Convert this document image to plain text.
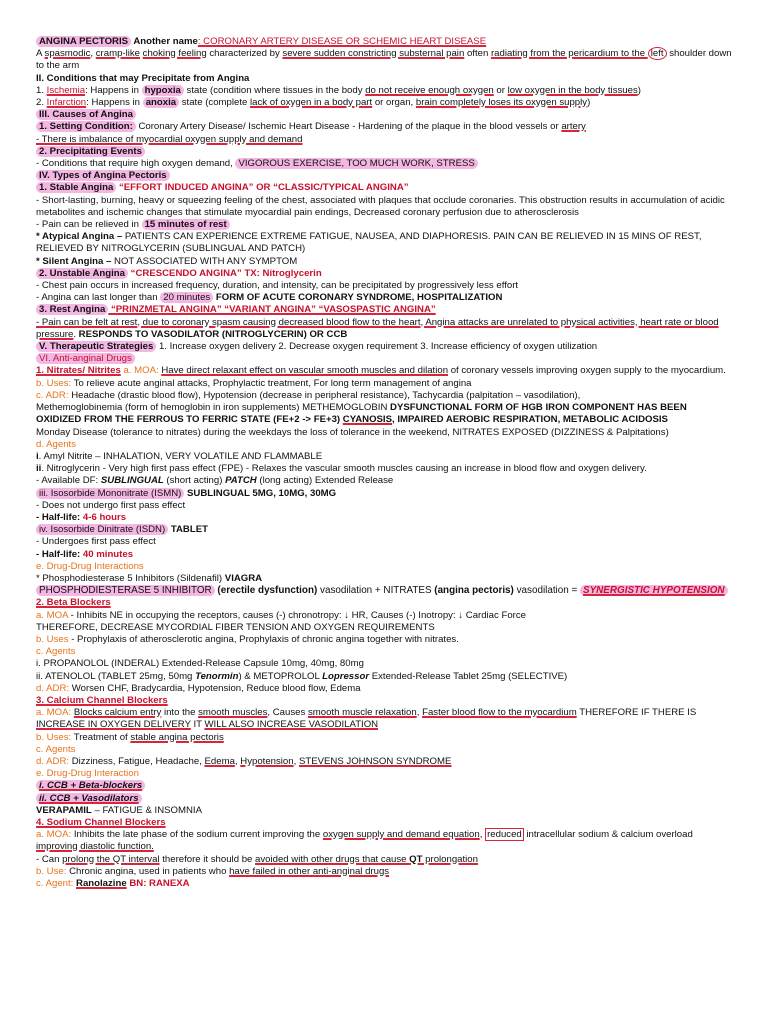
ANGINA PECTORIS Another name: CORONARY ARTERY DISEASE OR SCHEMIC HEART DISEASE
A spasmodic, cramp-like choking feeling characterized by severe sudden constricting substernal pain often radiating from the pericardium to the left shoulder down to the arm
II. Conditions that may Precipitate from Angina
1. Ischemia: Happens in hypoxia state (condition where tissues in the body do not receive enough oxygen or low oxygen in the body tissues)
2. Infarction: Happens in anoxia state (complete lack of oxygen in a body part or organ, brain completely loses its oxygen supply)
III. Causes of Angina
1. Setting Condition: Coronary Artery Disease/ Ischemic Heart Disease - Hardening of the plaque in the blood vessels or artery
- There is imbalance of myocardial oxygen supply and demand
2. Precipitating Events
- Conditions that require high oxygen demand, VIGOROUS EXERCISE, TOO MUCH WORK, STRESS
IV. Types of Angina Pectoris
1. Stable Angina “EFFORT INDUCED ANGINA” OR “CLASSIC/TYPICAL ANGINA”
- Short-lasting, burning, heavy or squeezing feeling of the chest, associated with plaques that occlude coronaries. This obstruction results in accumulation of acidic metabolites and ischemic changes that stimulate myocardial pain endings, Decreased coronary perfusion due to atherosclerosis
- Pain can be relieved in 15 minutes of rest
* Atypical Angina – PATIENTS CAN EXPERIENCE EXTREME FATIGUE, NAUSEA, AND DIAPHORESIS. PAIN CAN BE RELIEVED IN 15 MINS OF REST, RELIEVED BY NITROGLYCERIN (SUBLINGUAL AND PATCH)
* Silent Angina – NOT ASSOCIATED WITH ANY SYMPTOM
2. Unstable Angina “CRESCENDO ANGINA” TX: Nitroglycerin
- Chest pain occurs in increased frequency, duration, and intensity, can be precipitated by progressively less effort
- Angina can last longer than 20 minutes FORM OF ACUTE CORONARY SYNDROME, HOSPITALIZATION
3. Rest Angina “PRINZMETAL ANGINA” “VARIANT ANGINA” “VASOSPASTIC ANGINA”
- Pain can be felt at rest, due to coronary spasm causing decreased blood flow to the heart, Angina attacks are unrelated to physical activities, heart rate or blood pressure. RESPONDS TO VASODILATOR (NITROGLYCERIN) OR CCB
V. Therapeutic Strategies 1. Increase oxygen delivery 2. Decrease oxygen requirement 3. Increase efficiency of oxygen utilization
VI. Anti-anginal Drugs
1. Nitrates/ Nitrites a. MOA: Have direct relaxant effect on vascular smooth muscles and dilation of coronary vessels improving oxygen supply to the myocardium.
b. Uses: To relieve acute anginal attacks, Prophylactic treatment, For long term management of angina
c. ADR: Headache (drastic blood flow), Hypotension (decrease in peripheral resistance), Tachycardia (palpitation – vasodilation),
Methemoglobinemia (form of hemoglobin in iron supplements) METHEMOGLOBIN DYSFUNCTIONAL FORM OF HGB IRON COMPONENT HAS BEEN OXIDIZED FROM THE FERROUS TO FERRIC STATE (FE+2 -> FE+3) CYANOSIS, IMPAIRED AEROBIC RESPIRATION, METABOLIC ACIDOSIS
Monday Disease (tolerance to nitrates) during the weekdays the loss of tolerance in the weekend, NITRATES EXPOSED (DIZZINESS & Palpitations)
d. Agents
i. Amyl Nitrite – INHALATION, VERY VOLATILE AND FLAMMABLE
ii. Nitroglycerin - Very high first pass effect (FPE) - Relaxes the vascular smooth muscles causing an increase in blood flow and oxygen delivery.
- Available DF: SUBLINGUAL (short acting) PATCH (long acting) Extended Release
iii. Isosorbide Mononitrate (ISMN) SUBLINGUAL 5MG, 10MG, 30MG
- Does not undergo first pass effect
- Half-life: 4-6 hours
iv. Isosorbide Dinitrate (ISDN) TABLET
- Undergoes first pass effect
- Half-life: 40 minutes
e. Drug-Drug Interactions
* Phosphodiesterase 5 Inhibitors (Sildenafil) VIAGRA
PHOSPHODIESTERASE 5 INHIBITOR (erectile dysfunction) vasodilation + NITRATES (angina pectoris) vasodilation = SYNERGISTIC HYPOTENSION
2. Beta Blockers
a. MOA - Inhibits NE in occupying the receptors, causes (-) chronotropy: ↓ HR, Causes (-) Inotropy: ↓ Cardiac Force
THEREFORE, DECREASE MYCORDIAL FIBER TENSION AND OXYGEN REQUIREMENTS
b. Uses - Prophylaxis of atherosclerotic angina, Prophylaxis of chronic angina together with nitrates.
c. Agents
i. PROPANOLOL (INDERAL) Extended-Release Capsule 10mg, 40mg, 80mg
ii. ATENOLOL (TABLET 25mg, 50mg Tenormin) & METOPROLOL Lopressor Extended-Release Tablet 25mg (SELECTIVE)
d. ADR: Worsen CHF, Bradycardia, Hypotension, Reduce blood flow, Edema
3. Calcium Channel Blockers
a. MOA: Blocks calcium entry into the smooth muscles, Causes smooth muscle relaxation, Faster blood flow to the myocardium THEREFORE IF THERE IS INCREASE IN OXYGEN DELIVERY IT WILL ALSO INCREASE VASODILATION
b. Uses: Treatment of stable angina pectoris
c. Agents
d. ADR: Dizziness, Fatigue, Headache, Edema, Hypotension, STEVENS JOHNSON SYNDROME
e. Drug-Drug Interaction
i. CCB + Beta-blockers
ii. CCB + Vasodilators
VERAPAMIL – FATIGUE & INSOMNIA
4. Sodium Channel Blockers
a. MOA: Inhibits the late phase of the sodium current improving the oxygen supply and demand equation, reduced intracellular sodium & calcium overload improving diastolic function.
- Can prolong the QT interval therefore it should be avoided with other drugs that cause QT prolongation
b. Use: Chronic angina, used in patients who have failed in other anti-anginal drugs
c. Agent: Ranolazine BN: RANEXA
